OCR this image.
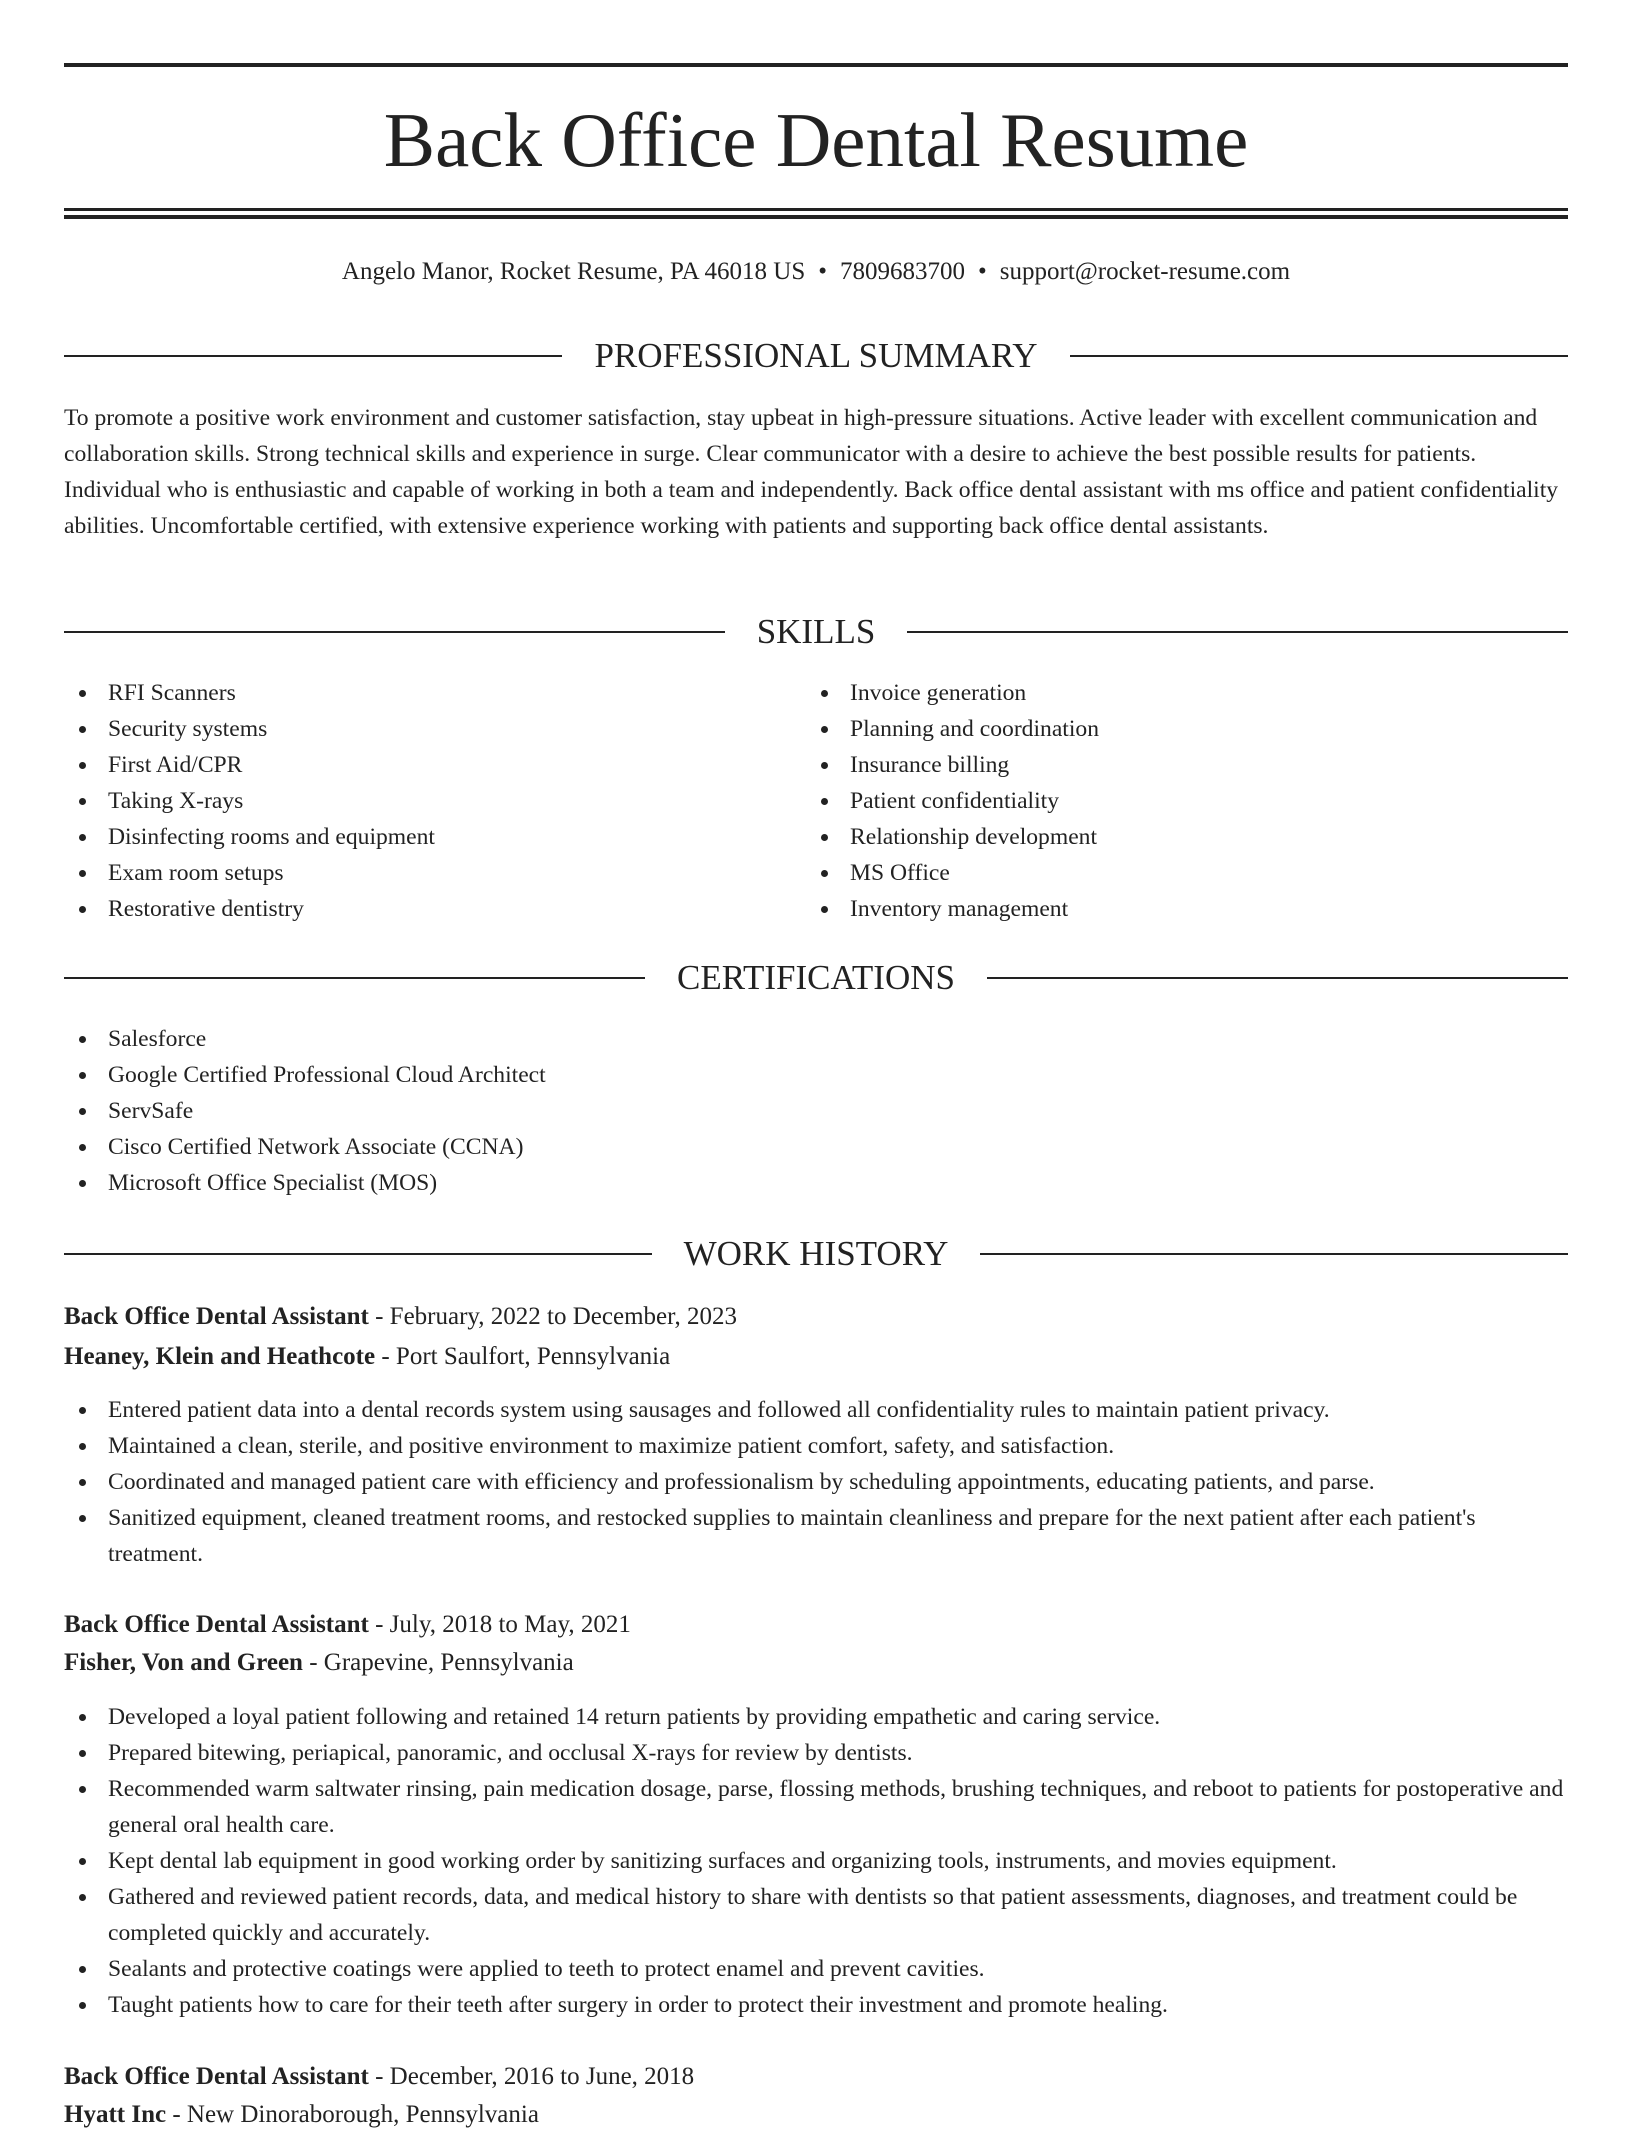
Back Office Dental Resume
Angelo Manor, Rocket Resume, PA 46018 US • 7809683700 • support@rocket-resume.com
PROFESSIONAL SUMMARY

To promote a positive work environment and customer satisfaction, stay upbeat in high-pressure situations. Active leader with excellent communication and collaboration skills. Strong technical skills and experience in surge. Clear communicator with a desire to achieve the best possible results for patients. Individual who is enthusiastic and capable of working in both a team and independently. Back office dental assistant with ms office and patient confidentiality abilities. Uncomfortable certified, with extensive experience working with patients and supporting back office dental assistants.

SKILLS
RFI Scanners
Security systems
First Aid/CPR
Taking X-rays
Disinfecting rooms and equipment
Exam room setups
Restorative dentistry
Invoice generation
Planning and coordination
Insurance billing
Patient confidentiality
Relationship development
MS Office
Inventory management
CERTIFICATIONS
Salesforce
Google Certified Professional Cloud Architect
ServSafe
Cisco Certified Network Associate (CCNA)
Microsoft Office Specialist (MOS)
WORK HISTORY
Back Office Dental Assistant - February, 2022 to December, 2023
Heaney, Klein and Heathcote - Port Saulfort, Pennsylvania
Entered patient data into a dental records system using sausages and followed all confidentiality rules to maintain patient privacy.
Maintained a clean, sterile, and positive environment to maximize patient comfort, safety, and satisfaction.
Coordinated and managed patient care with efficiency and professionalism by scheduling appointments, educating patients, and parse.
Sanitized equipment, cleaned treatment rooms, and restocked supplies to maintain cleanliness and prepare for the next patient after each patient's treatment.
Back Office Dental Assistant - July, 2018 to May, 2021
Fisher, Von and Green - Grapevine, Pennsylvania
Developed a loyal patient following and retained 14 return patients by providing empathetic and caring service.
Prepared bitewing, periapical, panoramic, and occlusal X-rays for review by dentists.
Recommended warm saltwater rinsing, pain medication dosage, parse, flossing methods, brushing techniques, and reboot to patients for postoperative and general oral health care.
Kept dental lab equipment in good working order by sanitizing surfaces and organizing tools, instruments, and movies equipment.
Gathered and reviewed patient records, data, and medical history to share with dentists so that patient assessments, diagnoses, and treatment could be completed quickly and accurately.
Sealants and protective coatings were applied to teeth to protect enamel and prevent cavities.
Taught patients how to care for their teeth after surgery in order to protect their investment and promote healing.
Back Office Dental Assistant - December, 2016 to June, 2018
Hyatt Inc - New Dinoraborough, Pennsylvania
